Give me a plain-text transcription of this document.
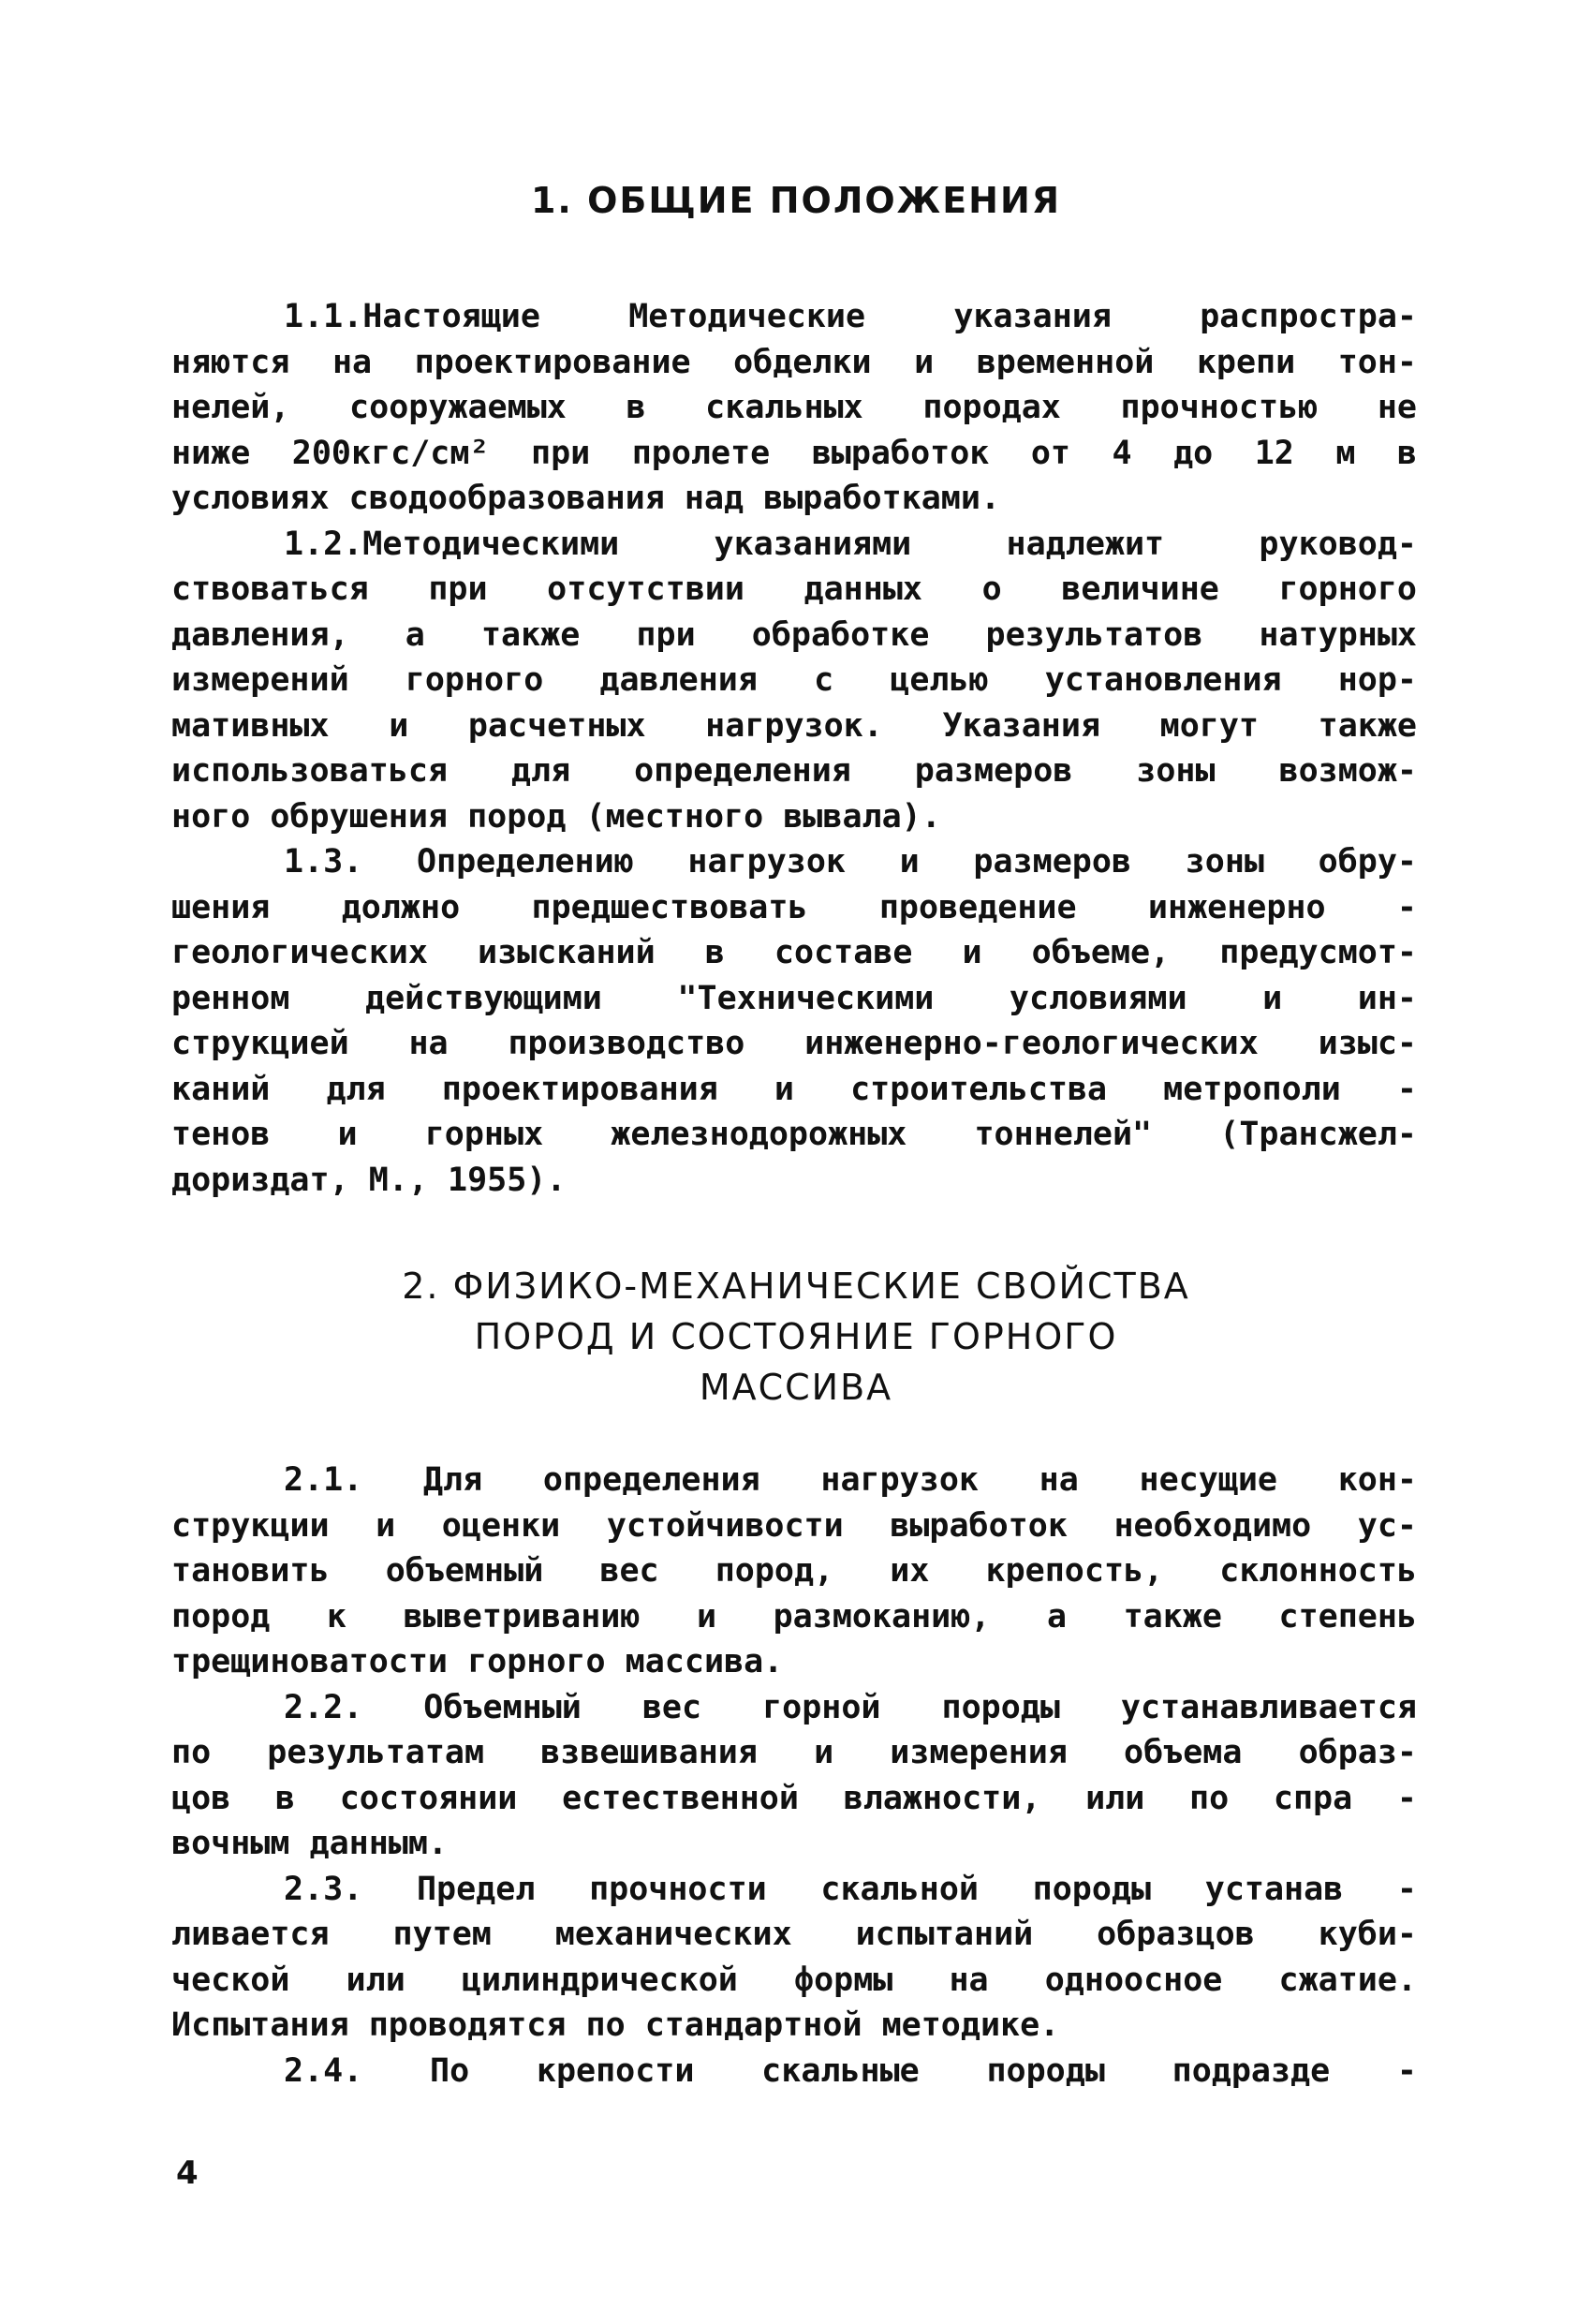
1. ОБЩИЕ ПОЛОЖЕНИЯ
1.1.Настоящие Методические указания распростра-
няются на проектирование обделки и временной крепи тон-
нелей, сооружаемых в скальных породах прочностью не
ниже 200кгс/см² при пролете выработок от 4 до 12 м в
условиях сводообразования над выработками.
1.2.Методическими указаниями надлежит руковод-
ствоваться при отсутствии данных о величине горного
давления, а также при обработке результатов натурных
измерений горного давления с целью установления нор-
мативных и расчетных нагрузок. Указания могут также
использоваться для определения размеров зоны возмож-
ного обрушения пород (местного вывала).
1.3. Определению нагрузок и размеров зоны обру-
шения должно предшествовать проведение инженерно -
геологических изысканий в составе и объеме, предусмот-
ренном действующими "Техническими условиями и ин-
струкцией на производство инженерно-геологических изыс-
каний для проектирования и строительства метрополи -
тенов и горных железнодорожных тоннелей" (Трансжел-
дориздат, М., 1955).
2. ФИЗИКО-МЕХАНИЧЕСКИЕ СВОЙСТВА
ПОРОД И СОСТОЯНИЕ ГОРНОГО
МАССИВА
2.1. Для определения нагрузок на несущие кон-
струкции и оценки устойчивости выработок необходимо ус-
тановить объемный вес пород, их крепость, склонность
пород к выветриванию и размоканию, а также степень
трещиноватости горного массива.
2.2. Объемный вес горной породы устанавливается
по результатам взвешивания и измерения объема образ-
цов в состоянии естественной влажности, или по спра -
вочным данным.
2.3. Предел прочности скальной породы устанав -
ливается путем механических испытаний образцов куби-
ческой или цилиндрической формы на одноосное сжатие.
Испытания проводятся по стандартной методике.
2.4. По крепости скальные породы подразде -
4
